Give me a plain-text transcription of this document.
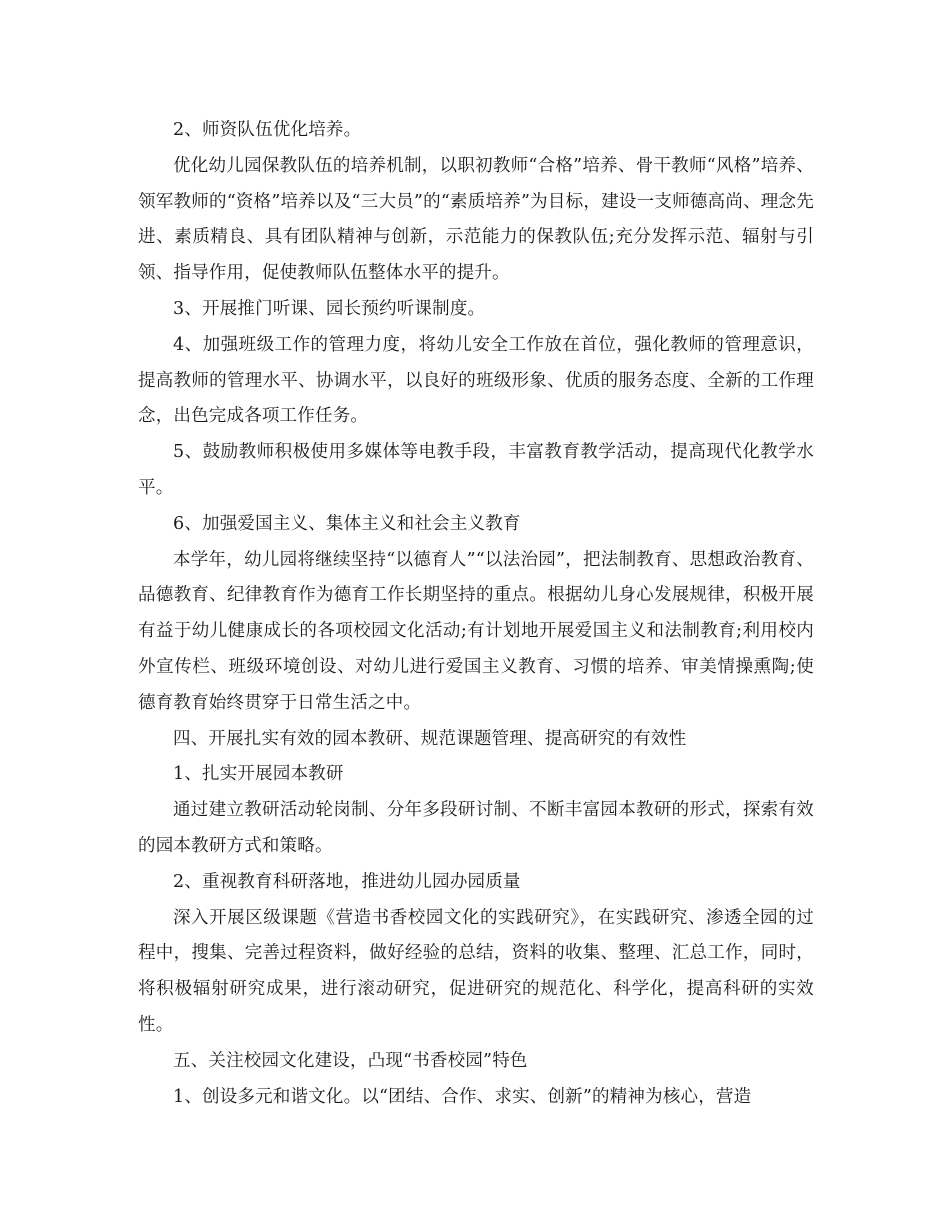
2、师资队伍优化培养。

优化幼儿园保教队伍的培养机制，以职初教师“合格”培养、骨干教师“风格”培养、领军教师的“资格”培养以及“三大员”的“素质培养”为目标，建设一支师德高尚、理念先进、素质精良、具有团队精神与创新，示范能力的保教队伍;充分发挥示范、辐射与引领、指导作用，促使教师队伍整体水平的提升。

3、开展推门听课、园长预约听课制度。

4、加强班级工作的管理力度，将幼儿安全工作放在首位，强化教师的管理意识，提高教师的管理水平、协调水平，以良好的班级形象、优质的服务态度、全新的工作理念，出色完成各项工作任务。

5、鼓励教师积极使用多媒体等电教手段，丰富教育教学活动，提高现代化教学水平。

6、加强爱国主义、集体主义和社会主义教育

本学年，幼儿园将继续坚持“以德育人”“以法治园”，把法制教育、思想政治教育、品德教育、纪律教育作为德育工作长期坚持的重点。根据幼儿身心发展规律，积极开展有益于幼儿健康成长的各项校园文化活动;有计划地开展爱国主义和法制教育;利用校内外宣传栏、班级环境创设、对幼儿进行爱国主义教育、习惯的培养、审美情操熏陶;使德育教育始终贯穿于日常生活之中。

四、开展扎实有效的园本教研、规范课题管理、提高研究的有效性

1、扎实开展园本教研

通过建立教研活动轮岗制、分年多段研讨制、不断丰富园本教研的形式，探索有效的园本教研方式和策略。

2、重视教育科研落地，推进幼儿园办园质量

深入开展区级课题《营造书香校园文化的实践研究》，在实践研究、渗透全园的过程中，搜集、完善过程资料，做好经验的总结，资料的收集、整理、汇总工作，同时，将积极辐射研究成果，进行滚动研究，促进研究的规范化、科学化，提高科研的实效性。

五、关注校园文化建设，凸现“书香校园”特色

1、创设多元和谐文化。以“团结、合作、求实、创新”的精神为核心，营造
